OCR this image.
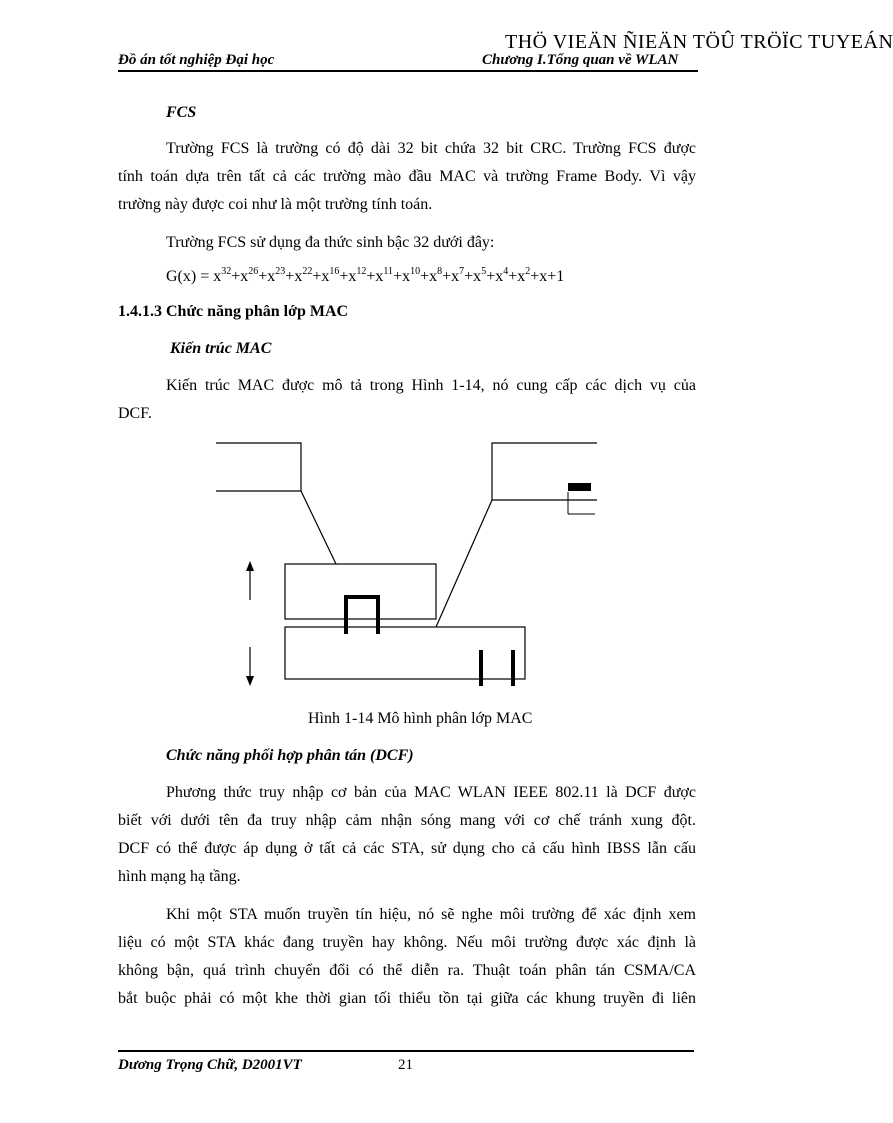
THÖ VIEÄN ÑIEÄN TÖÛ TRÖÏC TUYEÁN
Đồ án tốt nghiệp Đại học	Chương I.Tổng quan về WLAN
FCS
Trường FCS là trường có độ dài 32 bit chứa 32 bit CRC. Trường FCS được
tính toán dựa trên tất cả các trường mào đầu MAC và trường Frame Body. Vì vậy
trường này được coi như là một trường tính toán.
Trường FCS sử dụng đa thức sinh bậc 32 dưới đây:
$G(x) = x^{32}+x^{26}+x^{23}+x^{22}+x^{16}+x^{12}+x^{11}+x^{10}+x^8+x^7+x^5+x^4+x^2+x+1$
1.4.1.3 Chức năng phân lớp MAC
Kiến trúc MAC
Kiến trúc MAC được mô tả trong Hình 1-14, nó cung cấp các dịch vụ của
DCF.
Hình 1-14 Mô hình phân lớp MAC
Chức năng phối hợp phân tán (DCF)
Phương thức truy nhập cơ bản của MAC WLAN IEEE 802.11 là DCF được
biết với dưới tên đa truy nhập cảm nhận sóng mang với cơ chế tránh xung đột.
DCF có thể được áp dụng ở tất cả các STA, sử dụng cho cả cấu hình IBSS lẫn cấu
hình mạng hạ tầng.
Khi một STA muốn truyền tín hiệu, nó sẽ nghe môi trường để xác định xem
liệu có một STA khác đang truyền hay không. Nếu môi trường được xác định là
không bận, quá trình chuyển đổi có thể diễn ra. Thuật toán phân tán CSMA/CA
bắt buộc phải có một khe thời gian tối thiểu tồn tại giữa các khung truyền đi liên
Dương Trọng Chữ, D2001VT	21
